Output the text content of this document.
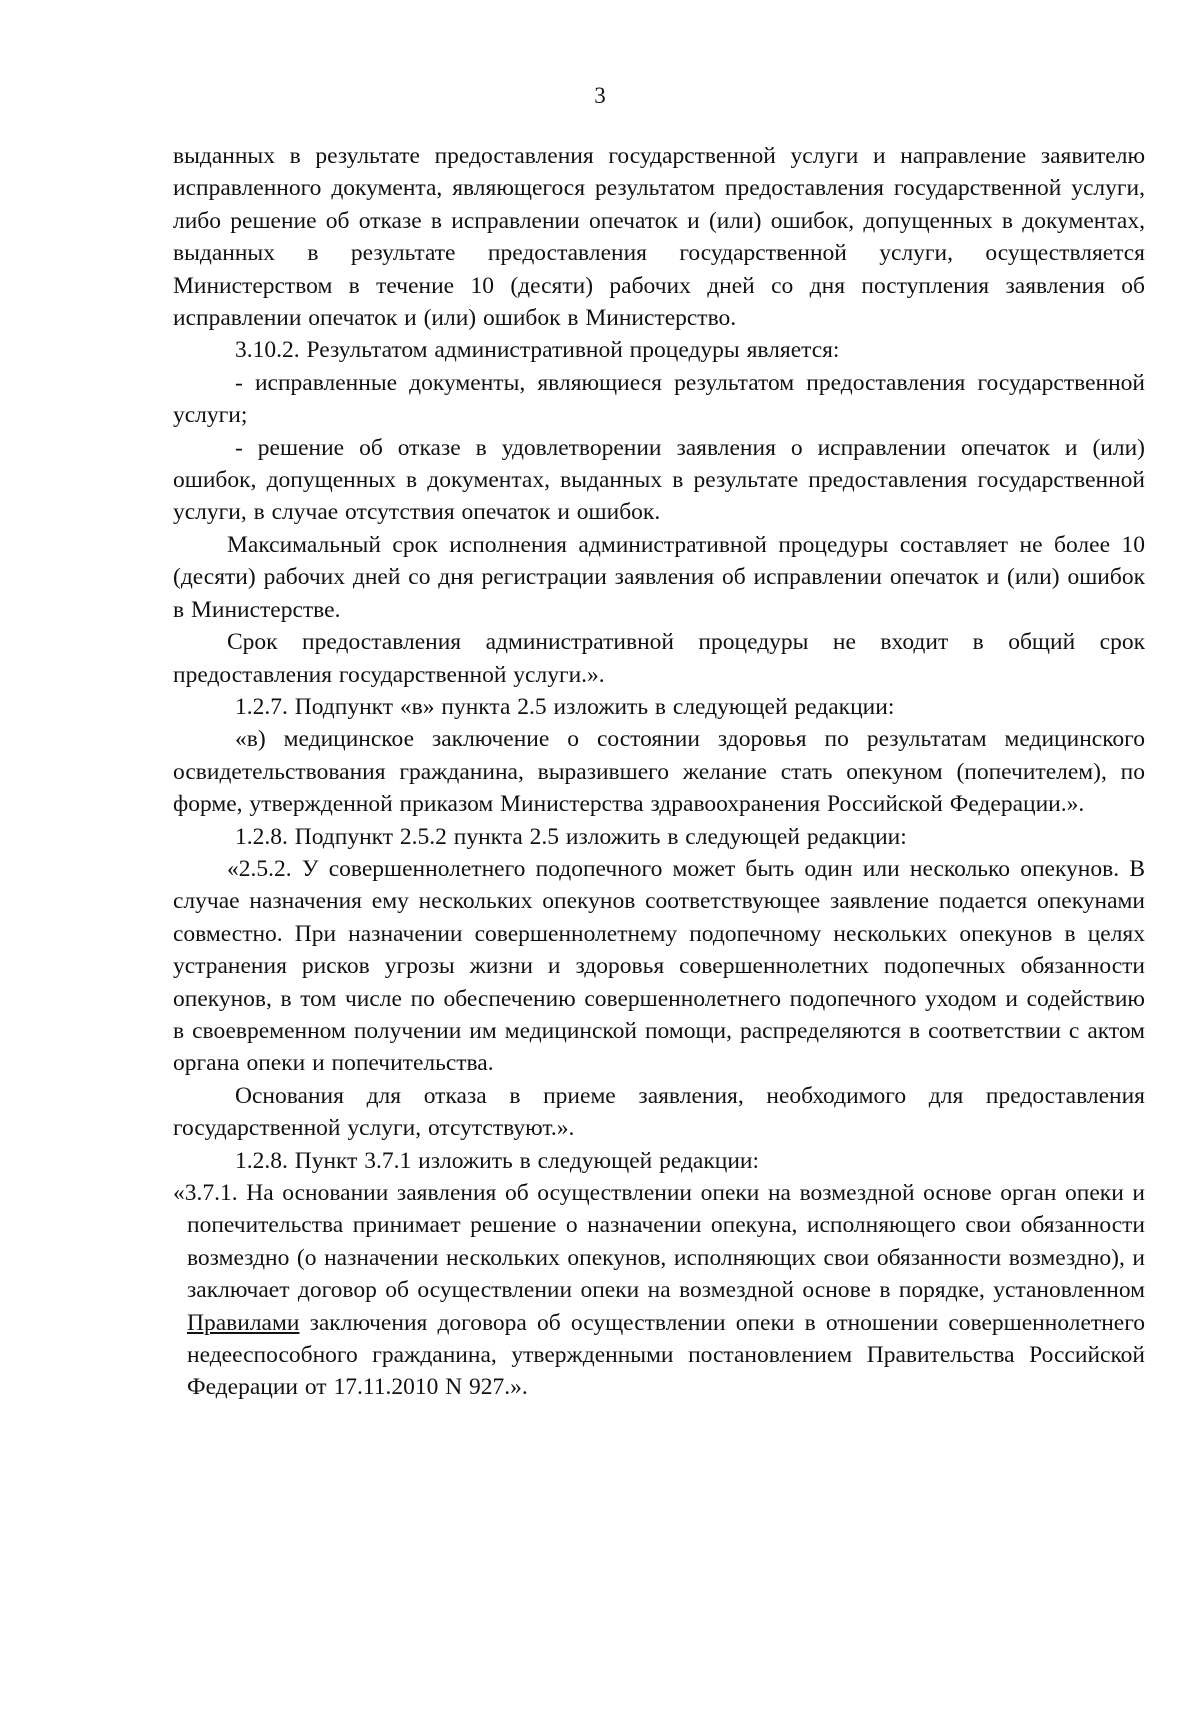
3

выданных в результате предоставления государственной услуги и направление заявителю исправленного документа, являющегося результатом предоставления государственной услуги, либо решение об отказе в исправлении опечаток и (или) ошибок, допущенных в документах, выданных в результате предоставления государственной услуги, осуществляется Министерством в течение 10 (десяти) рабочих дней со дня поступления заявления об исправлении опечаток и (или) ошибок в Министерство.

3.10.2. Результатом административной процедуры является:

- исправленные документы, являющиеся результатом предоставления государственной услуги;

- решение об отказе в удовлетворении заявления о исправлении опечаток и (или) ошибок, допущенных в документах, выданных в результате предоставления государственной услуги, в случае отсутствия опечаток и ошибок.

Максимальный срок исполнения административной процедуры составляет не более 10 (десяти) рабочих дней со дня регистрации заявления об исправлении опечаток и (или) ошибок в Министерстве.

Срок предоставления административной процедуры не входит в общий срок предоставления государственной услуги.».

1.2.7. Подпункт «в» пункта 2.5 изложить в следующей редакции:

«в) медицинское заключение о состоянии здоровья по результатам медицинского освидетельствования гражданина, выразившего желание стать опекуном (попечителем), по форме, утвержденной приказом Министерства здравоохранения Российской Федерации.».

1.2.8. Подпункт 2.5.2 пункта 2.5 изложить в следующей редакции:

«2.5.2. У совершеннолетнего подопечного может быть один или несколько опекунов. В случае назначения ему нескольких опекунов соответствующее заявление подается опекунами совместно. При назначении совершеннолетнему подопечному нескольких опекунов в целях устранения рисков угрозы жизни и здоровья совершеннолетних подопечных обязанности опекунов, в том числе по обеспечению совершеннолетнего подопечного уходом и содействию в своевременном получении им медицинской помощи, распределяются в соответствии с актом органа опеки и попечительства.

Основания для отказа в приеме заявления, необходимого для предоставления государственной услуги, отсутствуют.».

1.2.8. Пункт 3.7.1 изложить в следующей редакции:

«3.7.1. На основании заявления об осуществлении опеки на возмездной основе орган опеки и попечительства принимает решение о назначении опекуна, исполняющего свои обязанности возмездно (о назначении нескольких опекунов, исполняющих свои обязанности возмездно), и заключает договор об осуществлении опеки на возмездной основе в порядке, установленном Правилами заключения договора об осуществлении опеки в отношении совершеннолетнего недееспособного гражданина, утвержденными постановлением Правительства Российской Федерации от 17.11.2010 N 927.».
